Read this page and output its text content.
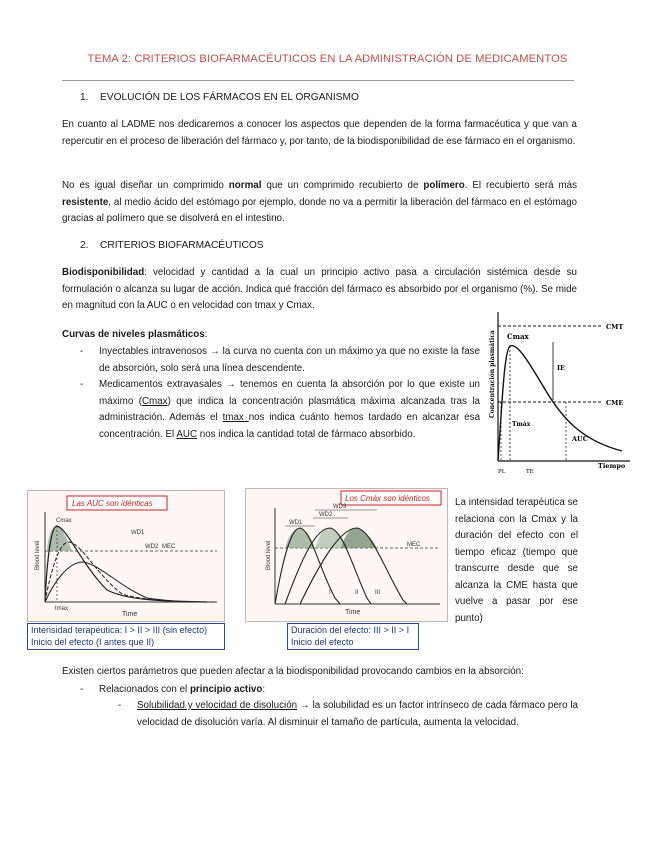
TEMA 2: CRITERIOS BIOFARMACÉUTICOS EN LA ADMINISTRACIÓN DE MEDICAMENTOS
1. EVOLUCIÓN DE LOS FÁRMACOS EN EL ORGANISMO
En cuanto al LADME nos dedicaremos a conocer los aspectos que dependen de la forma farmacéutica y que van a repercutir en el proceso de liberación del fármaco y, por tanto, de la biodisponibilidad de ese fármaco en el organismo.
No es igual diseñar un comprimido normal que un comprimido recubierto de polímero. El recubierto será más resistente, al medio ácido del estómago por ejemplo, donde no va a permitir la liberación del fármaco en el estómago gracias al polímero que se disolverá en el intestino.
2. CRITERIOS BIOFARMACÉUTICOS
Biodisponibilidad: velocidad y cantidad a la cual un principio activo pasa a circulación sistémica desde su formulación o alcanza su lugar de acción. Indica qué fracción del fármaco es absorbido por el organismo (%). Se mide en magnitud con la AUC o en velocidad con tmax y Cmax.
Curvas de niveles plasmáticos:
- Inyectables intravenosos → la curva no cuenta con un máximo ya que no existe la fase de absorción, solo será una línea descendente.
- Medicamentos extravasales → tenemos en cuenta la absorción por lo que existe un máximo (Cmax) que indica la concentración plasmática máxima alcanzada tras la administración. Además el tmax nos indica cuánto hemos tardado en alcanzar esa concentración. El AUC nos indica la cantidad total de fármaco absorbido.
Cmax
CMT
IE
CME
AUC
Tmáx
Tiempo
PL	TE
Concentración plasmática
Las AUC son idénticas
Cmax
WD1
WD2 MEC
tmax
Time
Blood level
Intensidad terapéutica: I > II > III (sin efecto)
Inicio del efecto (I antes que II)
Los Cmáx son idénticos
WD1
WD2
WD3
MEC
I	II	III
Time
Blood level
Duración del efecto: III > II > I
Inicio del efecto
La intensidad terapéutica se relaciona con la Cmax y la duración del efecto con el tiempo eficaz (tiempo que transcurre desde que se alcanza la CME hasta que vuelve a pasar por ese punto)
Existen ciertos parámetros que pueden afectar a la biodisponibilidad provocando cambios en la absorción:
- Relacionados con el principio activo:
- Solubilidad y velocidad de disolución → la solubilidad es un factor intrínseco de cada fármaco pero la velocidad de disolución varía. Al disminuir el tamaño de partícula, aumenta la velocidad.
